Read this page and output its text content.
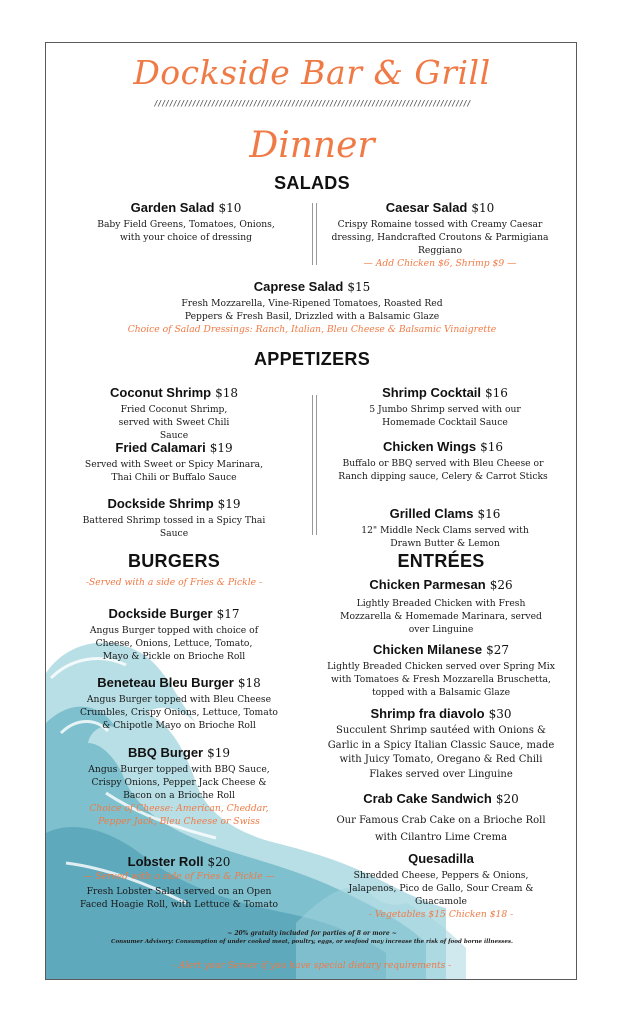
Dockside Bar & Grill
///////////////////////////////////////////////////////////////////////////////////
Dinner
SALADS
Garden Salad $10
Baby Field Greens, Tomatoes, Onions, with your choice of dressing
Caesar Salad $10
Crispy Romaine tossed with Creamy Caesar dressing, Handcrafted Croutons & Parmigiana Reggiano
— Add Chicken $6, Shrimp $9 —
Caprese Salad $15
Fresh Mozzarella, Vine-Ripened Tomatoes, Roasted Red Peppers & Fresh Basil, Drizzled with a Balsamic Glaze
Choice of Salad Dressings: Ranch, Italian, Bleu Cheese & Balsamic Vinaigrette
APPETIZERS
Coconut Shrimp $18
Fried Coconut Shrimp, served with Sweet Chili Sauce
Fried Calamari $19
Served with Sweet or Spicy Marinara, Thai Chili or Buffalo Sauce
Dockside Shrimp $19
Battered Shrimp tossed in a Spicy Thai Sauce
Shrimp Cocktail $16
5 Jumbo Shrimp served with our Homemade Cocktail Sauce
Chicken Wings $16
Buffalo or BBQ served with Bleu Cheese or Ranch dipping sauce, Celery & Carrot Sticks
Grilled Clams $16
12" Middle Neck Clams served with Drawn Butter & Lemon
BURGERS
-Served with a side of Fries & Pickle -
Dockside Burger $17
Angus Burger topped with choice of Cheese, Onions, Lettuce, Tomato, Mayo & Pickle on Brioche Roll
Beneteau Bleu Burger $18
Angus Burger topped with Bleu Cheese Crumbles, Crispy Onions, Lettuce, Tomato & Chipotle Mayo on Brioche Roll
BBQ Burger $19
Angus Burger topped with BBQ Sauce, Crispy Onions, Pepper Jack Cheese & Bacon on a Brioche Roll
Choice of Cheese: American, Cheddar, Pepper Jack, Bleu Cheese or Swiss
Lobster Roll $20
— Served with a side of Fries & Pickle —
Fresh Lobster Salad served on an Open Faced Hoagie Roll, with Lettuce & Tomato
ENTRÉES
Chicken Parmesan $26
Lightly Breaded Chicken with Fresh Mozzarella & Homemade Marinara, served over Linguine
Chicken Milanese $27
Lightly Breaded Chicken served over Spring Mix with Tomatoes & Fresh Mozzarella Bruschetta, topped with a Balsamic Glaze
Shrimp fra diavolo $30
Succulent Shrimp sautéed with Onions & Garlic in a Spicy Italian Classic Sauce, made with Juicy Tomato, Oregano & Red Chili Flakes served over Linguine
Crab Cake Sandwich $20
Our Famous Crab Cake on a Brioche Roll with Cilantro Lime Crema
Quesadilla
Shredded Cheese, Peppers & Onions, Jalapenos, Pico de Gallo, Sour Cream & Guacamole
- Vegetables $15 Chicken $18 -
~ 20% gratuity included for parties of 8 or more ~
Consumer Advisory: Consumption of under cooked meat, poultry, eggs, or seafood may increase the risk of food borne illnesses.
- Alert your Server if you have special dietary requirements -
